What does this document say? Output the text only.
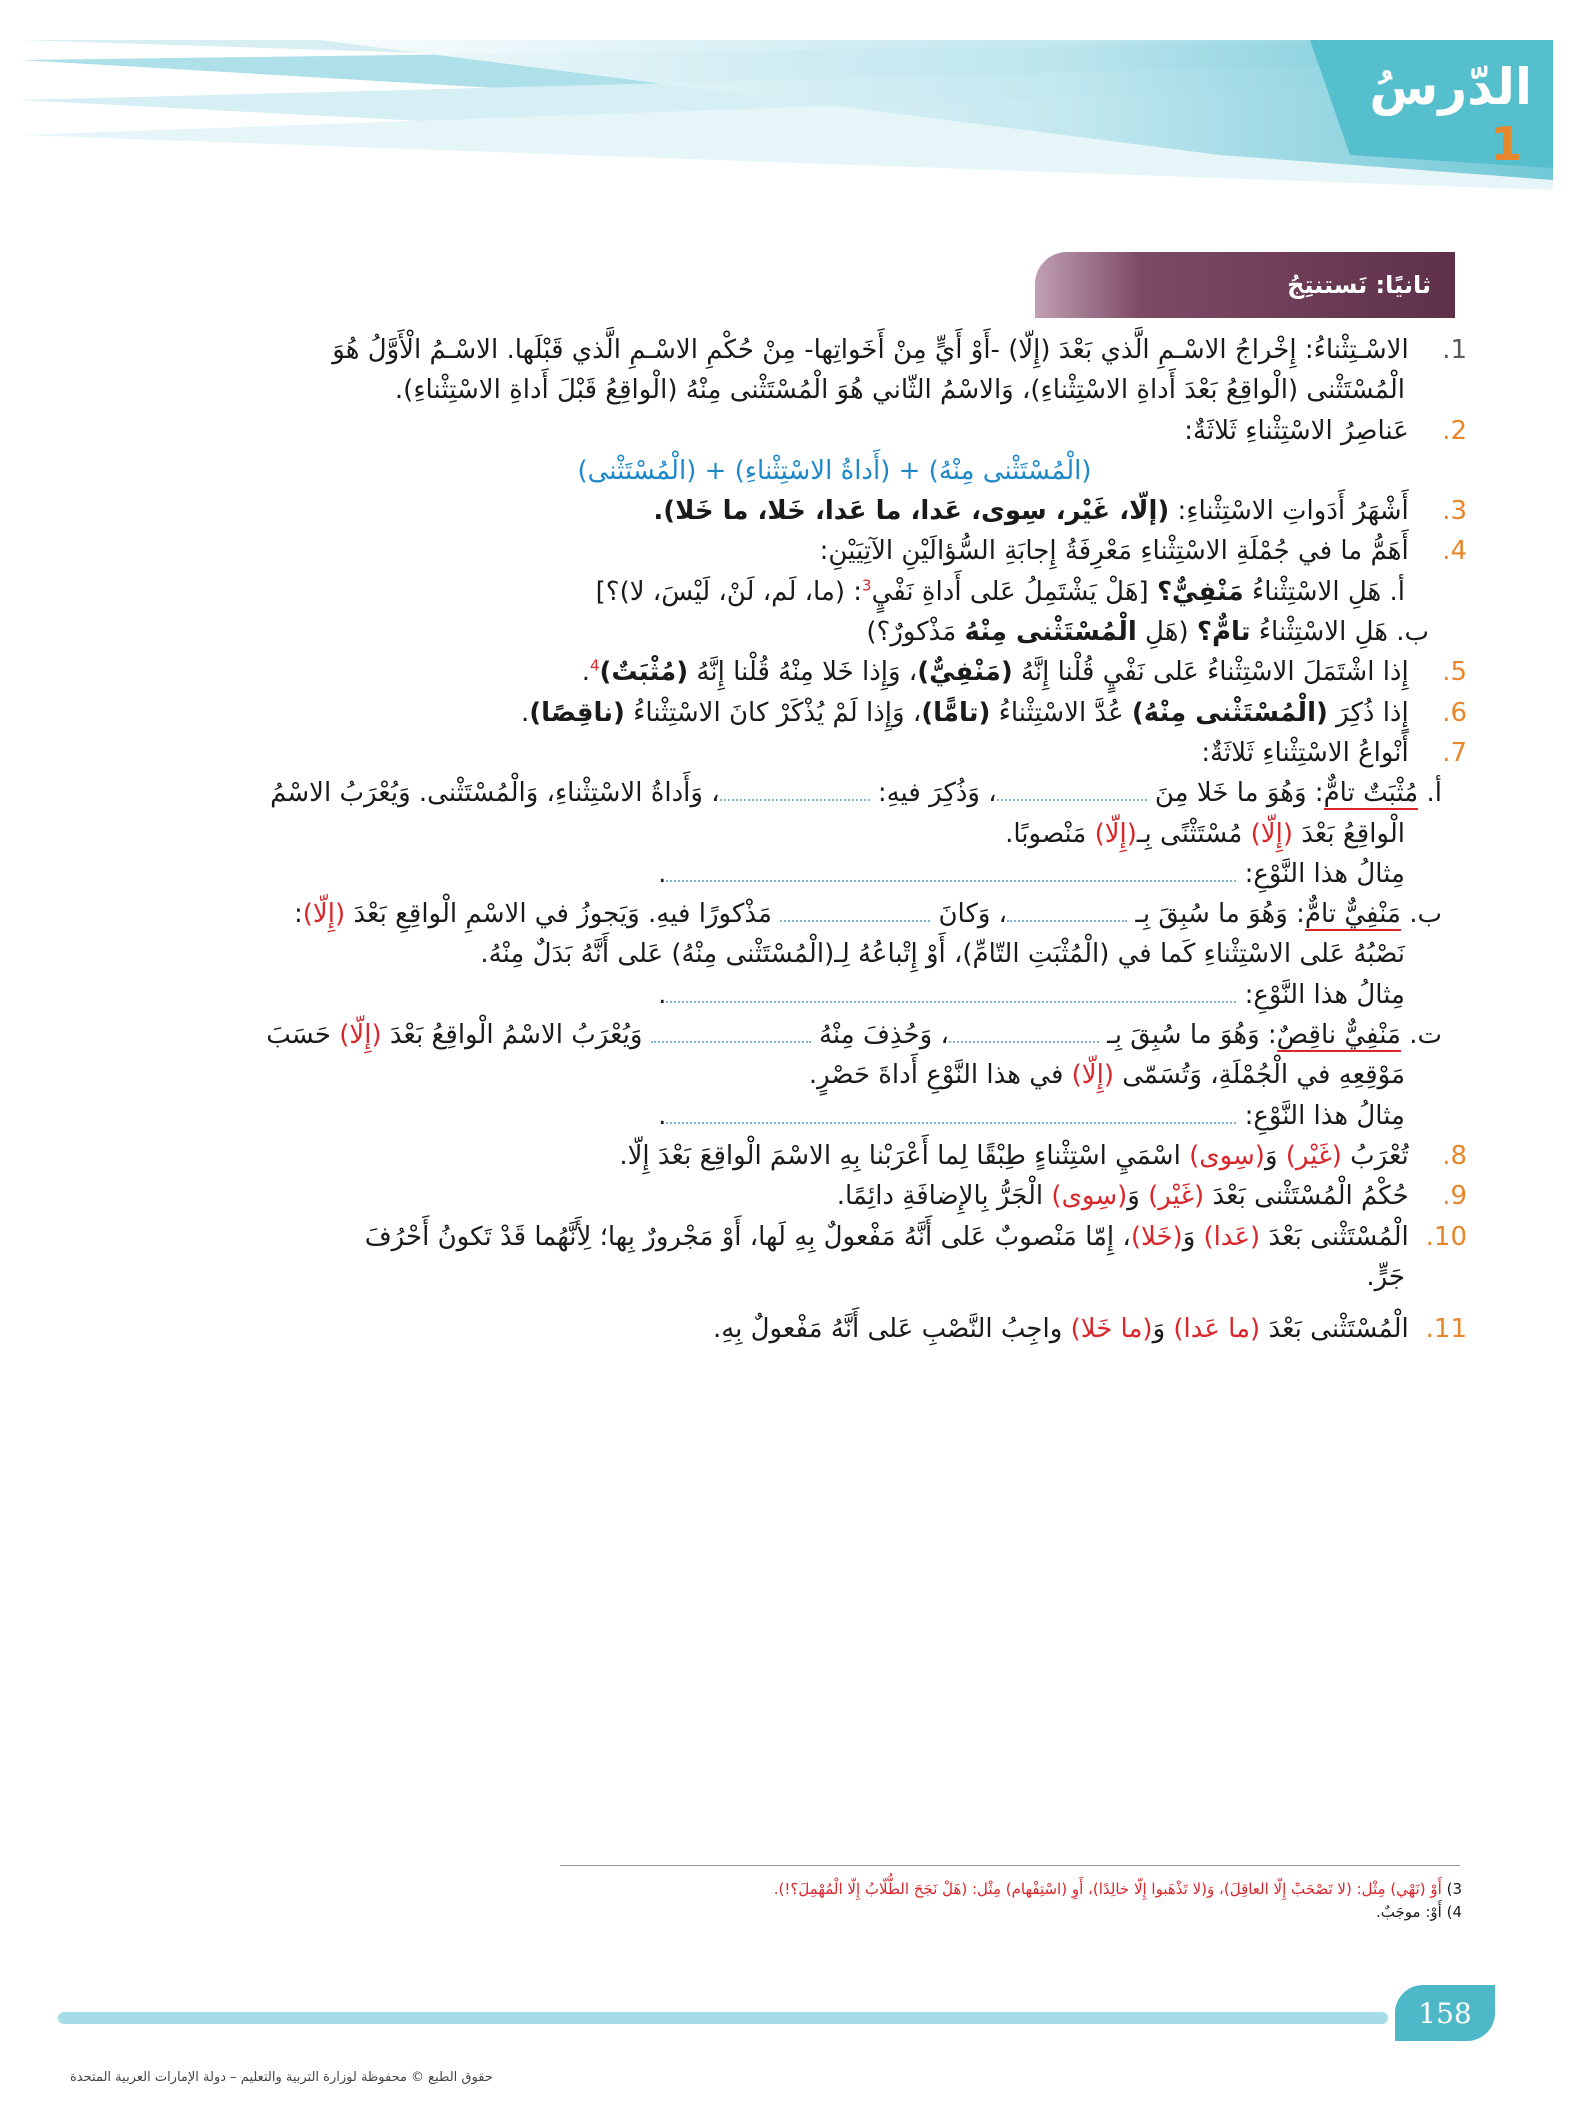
الدّرسُ
1
ثانيًا: نَستنتِجُ
1. الاسْـتِثْناءُ: إِخْراجُ الاسْـمِ الَّذي بَعْدَ (إِلّا) -أَوْ أَيٍّ مِنْ أَخَواتِها- مِنْ حُكْمِ الاسْـمِ الَّذي قَبْلَها. الاسْـمُ الْأَوَّلُ هُوَ
الْمُسْتَثْنى (الْواقِعُ بَعْدَ أَداةِ الاسْتِثْناءِ)، وَالاسْمُ الثّاني هُوَ الْمُسْتَثْنى مِنْهُ (الْواقِعُ قَبْلَ أَداةِ الاسْتِثْناءِ).
2. عَناصِرُ الاسْتِثْناءِ ثَلاثَةٌ:
(الْمُسْتَثْنى مِنْهُ) + (أَداةُ الاسْتِثْناءِ) + (الْمُسْتَثْنى)
3. أَشْهَرُ أَدَواتِ الاسْتِثْناءِ: (إلّا، غَيْر، سِوى، عَدا، ما عَدا، خَلا، ما خَلا).
4. أَهَمُّ ما في جُمْلَةِ الاسْتِثْناءِ مَعْرِفَةُ إِجابَةِ السُّؤالَيْنِ الآتِيَيْنِ:
أ. هَلِ الاسْتِثْناءُ مَنْفِيٌّ؟ [هَلْ يَشْتَمِلُ عَلى أَداةِ نَفْيٍ$^3$: (ما، لَم، لَنْ، لَيْسَ، لا)؟]
ب. هَلِ الاسْتِثْناءُ تامٌّ؟ (هَلِ الْمُسْتَثْنى مِنْهُ مَذْكورٌ؟)
5. إِذا اشْتَمَلَ الاسْتِثْناءُ عَلى نَفْيٍ قُلْنا إِنَّهُ (مَنْفِيٌّ)، وَإِذا خَلا مِنْهُ قُلْنا إِنَّهُ (مُثْبَتٌ)$^4$.
6. إِذا ذُكِرَ (الْمُسْتَثْنى مِنْهُ) عُدَّ الاسْتِثْناءُ (تامًّا)، وَإِذا لَمْ يُذْكَرْ كانَ الاسْتِثْناءُ (ناقِصًا).
7. أَنْواعُ الاسْتِثْناءِ ثَلاثَةٌ:
أ. مُثْبَتٌ تامٌّ: وَهُوَ ما خَلا مِنَ ، وَذُكِرَ فيهِ: ، وَأَداةُ الاسْتِثْناءِ، وَالْمُسْتَثْنى. وَيُعْرَبُ الاسْمُ
الْواقِعُ بَعْدَ (إِلّا) مُسْتَثْنًى بِـ(إِلّا) مَنْصوبًا.
مِثالُ هذا النَّوْعِ: .
ب. مَنْفِيٌّ تامٌّ: وَهُوَ ما سُبِقَ بِـ ، وَكانَ  مَذْكورًا فيهِ. وَيَجوزُ في الاسْمِ الْواقِعِ بَعْدَ (إِلّا):
نَصْبُهُ عَلى الاسْتِثْناءِ كَما في (الْمُثْبَتِ التّامِّ)، أَوْ إِتْباعُهُ لِـ(الْمُسْتَثْنى مِنْهُ) عَلى أَنَّهُ بَدَلٌ مِنْهُ.
مِثالُ هذا النَّوْعِ: .
ت. مَنْفِيٌّ ناقِصٌ: وَهُوَ ما سُبِقَ بِـ ، وَحُذِفَ مِنْهُ  وَيُعْرَبُ الاسْمُ الْواقِعُ بَعْدَ (إِلّا) حَسَبَ
مَوْقِعِهِ في الْجُمْلَةِ، وَتُسَمّى (إِلّا) في هذا النَّوْعِ أَداةَ حَصْرٍ.
مِثالُ هذا النَّوْعِ: .
8. تُعْرَبُ (غَيْر) وَ(سِوى) اسْمَيِ اسْتِثْناءٍ طِبْقًا لِما أَعْرَبْنا بِهِ الاسْمَ الْواقِعَ بَعْدَ إِلّا.
9. حُكْمُ الْمُسْتَثْنى بَعْدَ (غَيْر) وَ(سِوى) الْجَرُّ بِالإِضافَةِ دائِمًا.
10. الْمُسْتَثْنى بَعْدَ (عَدا) وَ(خَلا)، إِمّا مَنْصوبٌ عَلى أَنَّهُ مَفْعولٌ بِهِ لَها، أَوْ مَجْرورٌ بِها؛ لِأَنَّهُما قَدْ تَكونُ أَحْرُفَ
جَرٍّ.
11. الْمُسْتَثْنى بَعْدَ (ما عَدا) وَ(ما خَلا) واجِبُ النَّصْبِ عَلى أَنَّهُ مَفْعولٌ بِهِ.
3) أَوْ (نَهْي) مِثْل: (لا تَصْحَبْ إِلّا العاقِلَ)، وَ(لا تَذْهَبوا إِلّا خالِدًا)، أَوِ (اسْتِفْهام) مِثْل: (هَلْ نَجَحَ الطُّلّابُ إِلّا الْمُهْمِلَ؟!).
4) أَوْ: موجَبٌ.
158
حقوق الطبع © محفوظة لوزارة التربية والتعليم – دولة الإمارات العربية المتحدة
